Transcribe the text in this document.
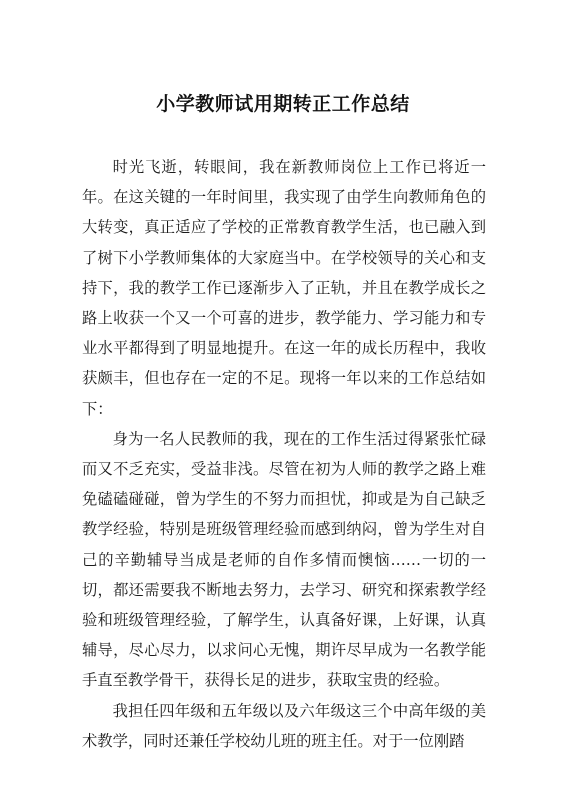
小学教师试用期转正工作总结

时光飞逝，转眼间，我在新教师岗位上工作已将近一年。在这关键的一年时间里，我实现了由学生向教师角色的大转变，真正适应了学校的正常教育教学生活，也已融入到了树下小学教师集体的大家庭当中。在学校领导的关心和支持下，我的教学工作已逐渐步入了正轨，并且在教学成长之路上收获一个又一个可喜的进步，教学能力、学习能力和专业水平都得到了明显地提升。在这一年的成长历程中，我收获颇丰，但也存在一定的不足。现将一年以来的工作总结如下：

身为一名人民教师的我，现在的工作生活过得紧张忙碌而又不乏充实，受益非浅。尽管在初为人师的教学之路上难免磕磕碰碰，曾为学生的不努力而担忧，抑或是为自己缺乏教学经验，特别是班级管理经验而感到纳闷，曾为学生对自己的辛勤辅导当成是老师的自作多情而懊恼……一切的一切，都还需要我不断地去努力，去学习、研究和探索教学经验和班级管理经验，了解学生，认真备好课，上好课，认真辅导，尽心尽力，以求问心无愧，期许尽早成为一名教学能手直至教学骨干，获得长足的进步，获取宝贵的经验。

我担任四年级和五年级以及六年级这三个中高年级的美术教学，同时还兼任学校幼儿班的班主任。对于一位刚踏
